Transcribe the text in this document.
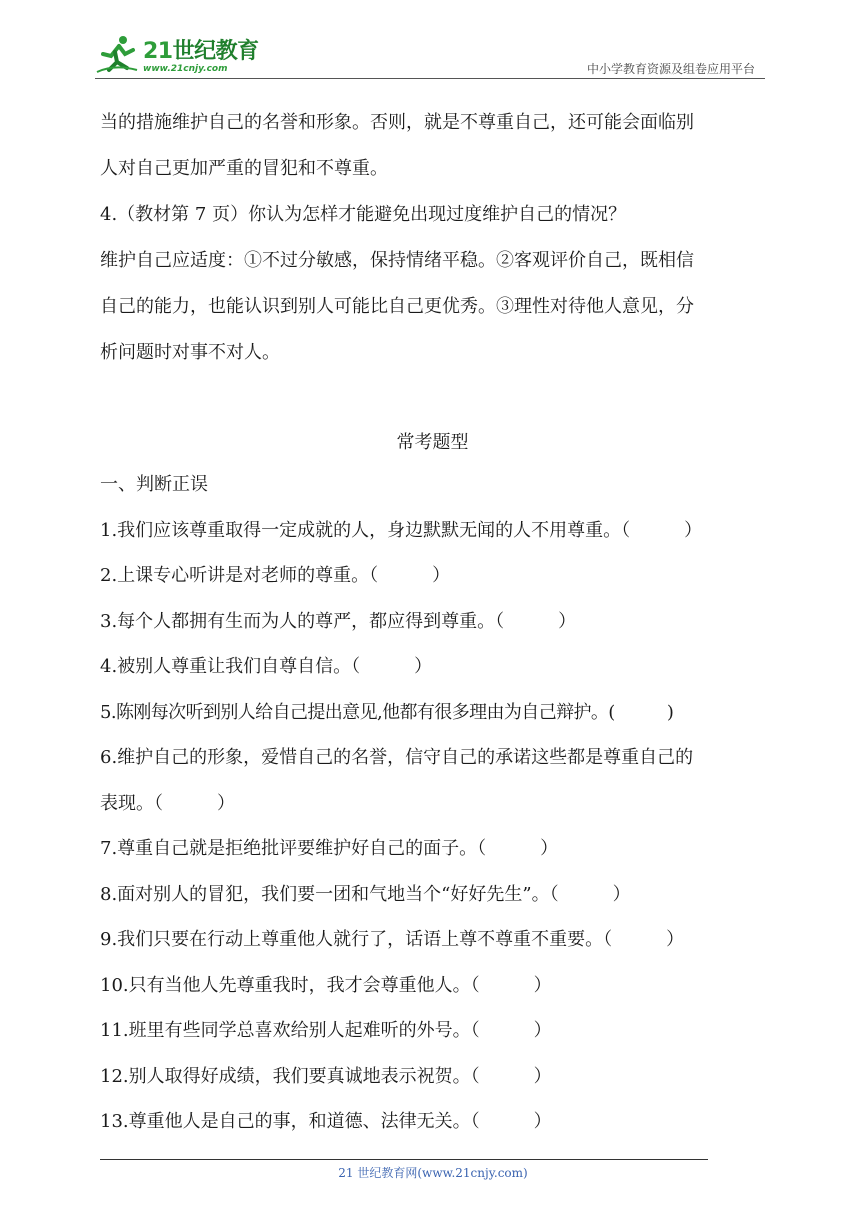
21世纪教育
www.21cnjy.com	中小学教育资源及组卷应用平台

当的措施维护自己的名誉和形象。否则，就是不尊重自己，还可能会面临别

人对自己更加严重的冒犯和不尊重。

4.（教材第 7 页）你认为怎样才能避免出现过度维护自己的情况？

维护自己应适度：①不过分敏感，保持情绪平稳。②客观评价自己，既相信

自己的能力，也能认识到别人可能比自己更优秀。③理性对待他人意见，分

析问题时对事不对人。

常考题型

一、判断正误

1.我们应该尊重取得一定成就的人，身边默默无闻的人不用尊重。（　　　）

2.上课专心听讲是对老师的尊重。（　　　）

3.每个人都拥有生而为人的尊严，都应得到尊重。（　　　）

4.被别人尊重让我们自尊自信。（　　　）

5.陈刚每次听到别人给自己提出意见,他都有很多理由为自己辩护。(　　　)

6.维护自己的形象，爱惜自己的名誉，信守自己的承诺这些都是尊重自己的

表现。（　　　）

7.尊重自己就是拒绝批评要维护好自己的面子。（　　　）

8.面对别人的冒犯，我们要一团和气地当个“好好先生”。（　　　）

9.我们只要在行动上尊重他人就行了，话语上尊不尊重不重要。（　　　）

10.只有当他人先尊重我时，我才会尊重他人。（　　　）

11.班里有些同学总喜欢给别人起难听的外号。（　　　）

12.别人取得好成绩，我们要真诚地表示祝贺。（　　　）

13.尊重他人是自己的事，和道德、法律无关。（　　　）

21 世纪教育网(www.21cnjy.com)
